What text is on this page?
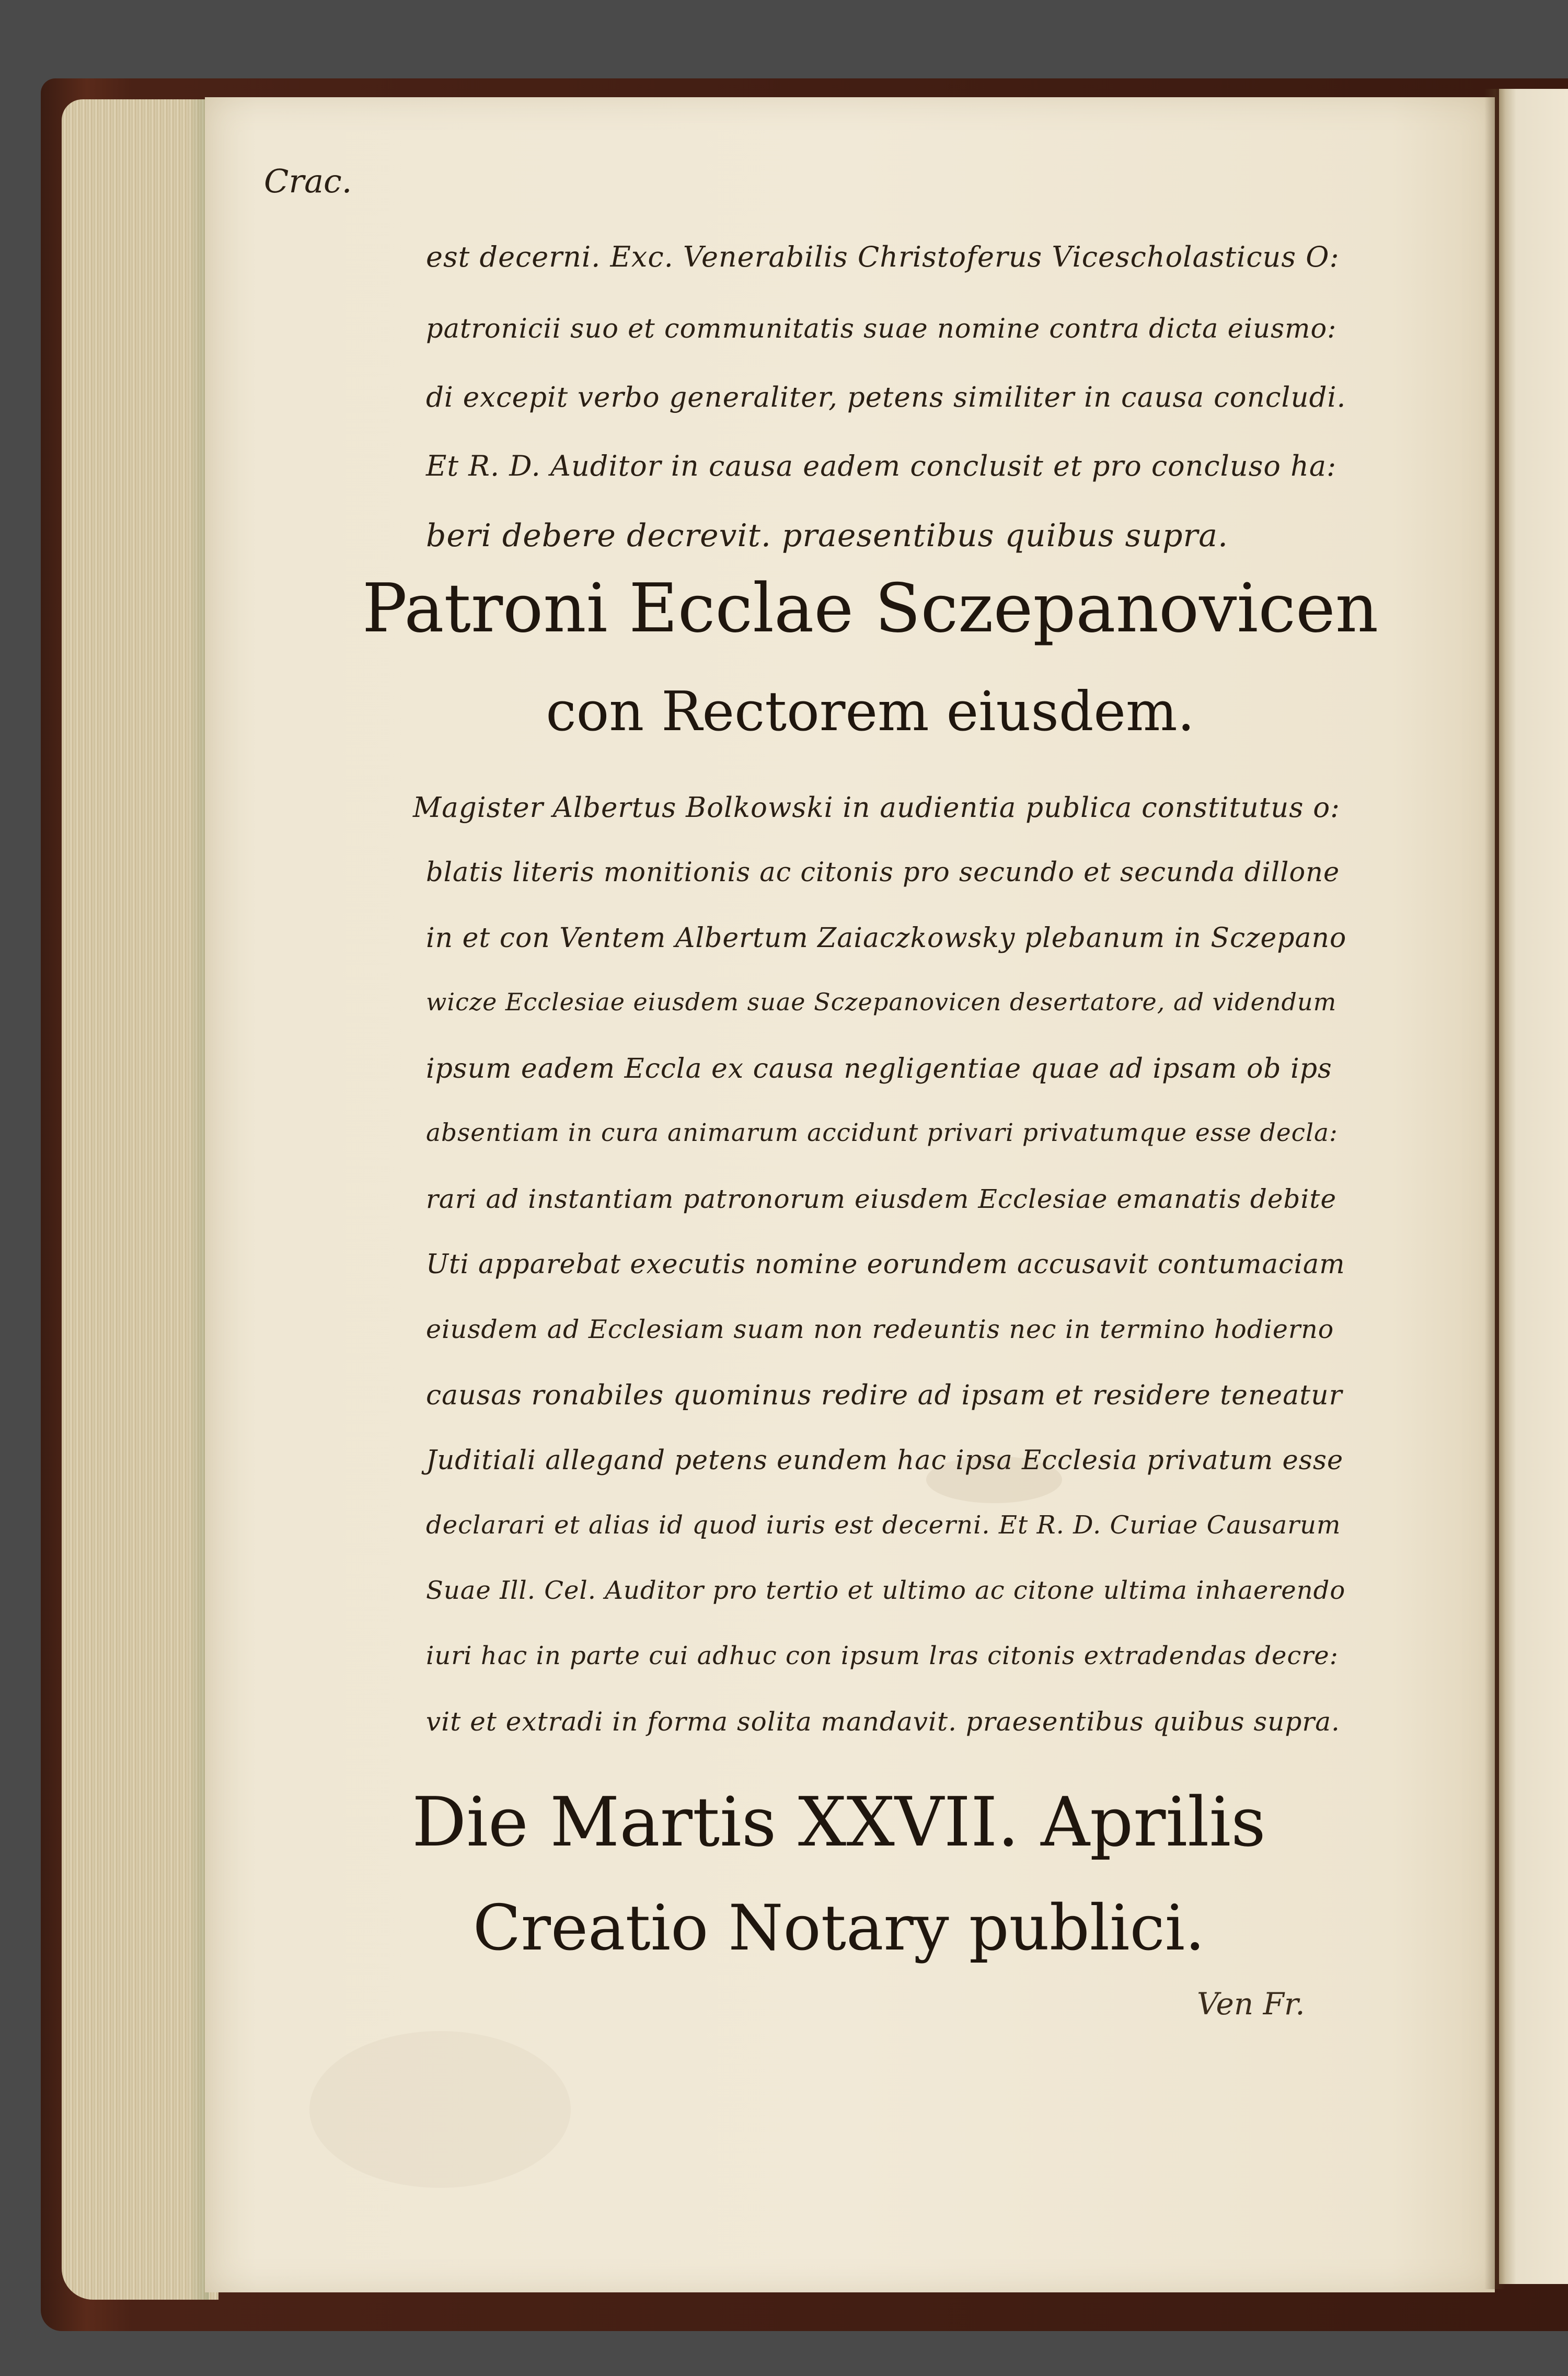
Crac.

est decerni. Exc. Venerabilis Christoferus Vicescholasticus O:

patronicii suo et communitatis suae nomine contra dicta eiusmo:

di excepit verbo generaliter, petens similiter in causa concludi.

Et R. D. Auditor in causa eadem conclusit et pro concluso ha:

beri debere decrevit. praesentibus quibus supra.

Patroni Ecclae Sczepanovicen

con Rectorem eiusdem.

Magister Albertus Bolkowski in audientia publica constitutus o:

blatis literis monitionis ac citonis pro secundo et secunda dillone

in et con Ventem Albertum Zaiaczkowsky plebanum in Sczepano

wicze Ecclesiae eiusdem suae Sczepanovicen desertatore, ad videndum

ipsum eadem Eccla ex causa negligentiae quae ad ipsam ob ips

absentiam in cura animarum accidunt privari privatumque esse decla:

rari ad instantiam patronorum eiusdem Ecclesiae emanatis debite

Uti apparebat executis nomine eorundem accusavit contumaciam

eiusdem ad Ecclesiam suam non redeuntis nec in termino hodierno

causas ronabiles quominus redire ad ipsam et residere teneatur

Juditiali allegand petens eundem hac ipsa Ecclesia privatum esse

declarari et alias id quod iuris est decerni. Et R. D. Curiae Causarum

Suae Ill. Cel. Auditor pro tertio et ultimo ac citone ultima inhaerendo

iuri hac in parte cui adhuc con ipsum lras citonis extradendas decre:

vit et extradi in forma solita mandavit. praesentibus quibus supra.

Die Martis XXVII. Aprilis

Creatio Notary publici.

Ven Fr.
